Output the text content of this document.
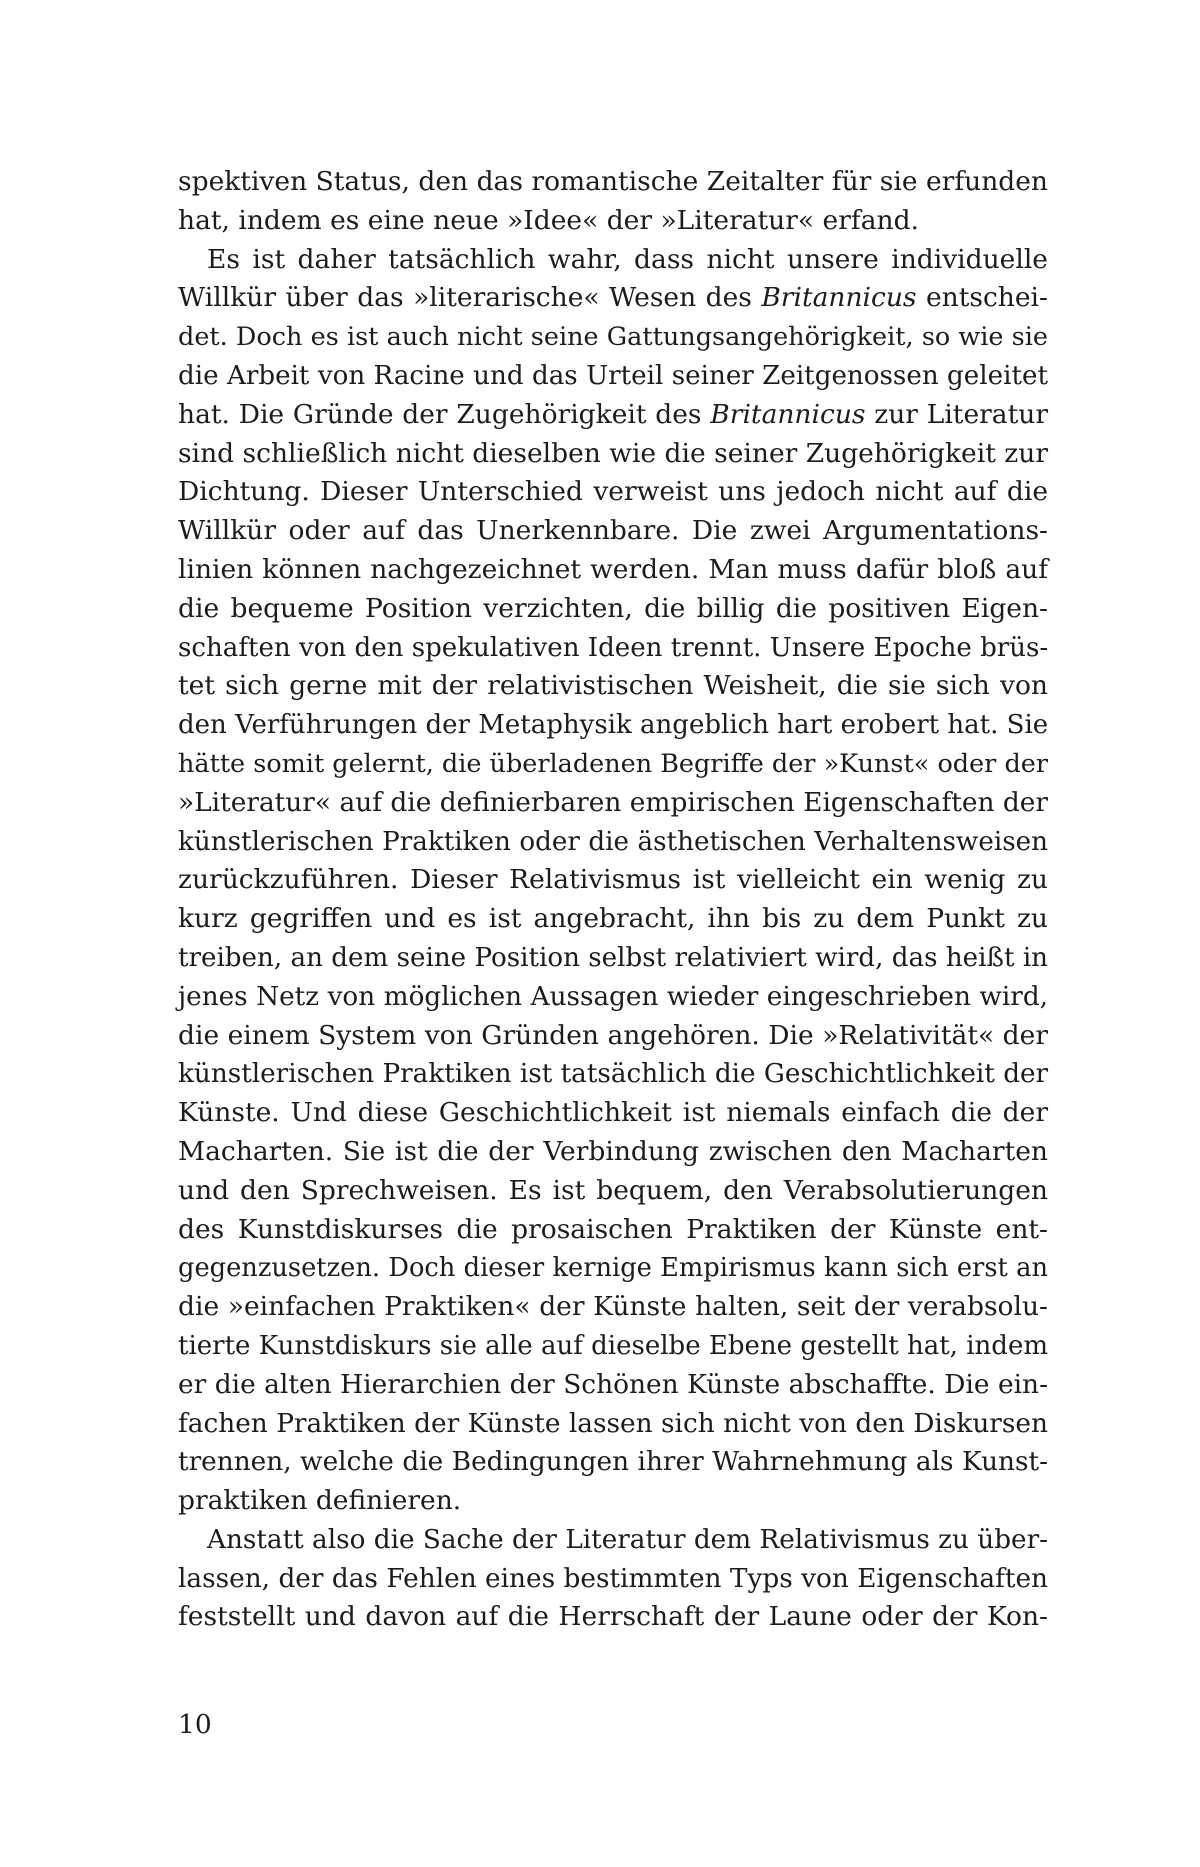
spektiven Status, den das romantische Zeitalter für sie erfunden
hat, indem es eine neue »Idee« der »Literatur« erfand.
Es ist daher tatsächlich wahr, dass nicht unsere individuelle
Willkür über das »literarische« Wesen des Britannicus entschei-
det. Doch es ist auch nicht seine Gattungsangehörigkeit, so wie sie
die Arbeit von Racine und das Urteil seiner Zeitgenossen geleitet
hat. Die Gründe der Zugehörigkeit des Britannicus zur Literatur
sind schließlich nicht dieselben wie die seiner Zugehörigkeit zur
Dichtung. Dieser Unterschied verweist uns jedoch nicht auf die
Willkür oder auf das Unerkennbare. Die zwei Argumentations-
linien können nachgezeichnet werden. Man muss dafür bloß auf
die bequeme Position verzichten, die billig die positiven Eigen-
schaften von den spekulativen Ideen trennt. Unsere Epoche brüs-
tet sich gerne mit der relativistischen Weisheit, die sie sich von
den Verführungen der Metaphysik angeblich hart erobert hat. Sie
hätte somit gelernt, die überladenen Begriffe der »Kunst« oder der
»Literatur« auf die definierbaren empirischen Eigenschaften der
künstlerischen Praktiken oder die ästhetischen Verhaltensweisen
zurückzuführen. Dieser Relativismus ist vielleicht ein wenig zu
kurz gegriffen und es ist angebracht, ihn bis zu dem Punkt zu
treiben, an dem seine Position selbst relativiert wird, das heißt in
jenes Netz von möglichen Aussagen wieder eingeschrieben wird,
die einem System von Gründen angehören. Die »Relativität« der
künstlerischen Praktiken ist tatsächlich die Geschichtlichkeit der
Künste. Und diese Geschichtlichkeit ist niemals einfach die der
Macharten. Sie ist die der Verbindung zwischen den Macharten
und den Sprechweisen. Es ist bequem, den Verabsolutierungen
des Kunstdiskurses die prosaischen Praktiken der Künste ent-
gegenzusetzen. Doch dieser kernige Empirismus kann sich erst an
die »einfachen Praktiken« der Künste halten, seit der verabsolu-
tierte Kunstdiskurs sie alle auf dieselbe Ebene gestellt hat, indem
er die alten Hierarchien der Schönen Künste abschaffte. Die ein-
fachen Praktiken der Künste lassen sich nicht von den Diskursen
trennen, welche die Bedingungen ihrer Wahrnehmung als Kunst-
praktiken definieren.
Anstatt also die Sache der Literatur dem Relativismus zu über-
lassen, der das Fehlen eines bestimmten Typs von Eigenschaften
feststellt und davon auf die Herrschaft der Laune oder der Kon-
10
